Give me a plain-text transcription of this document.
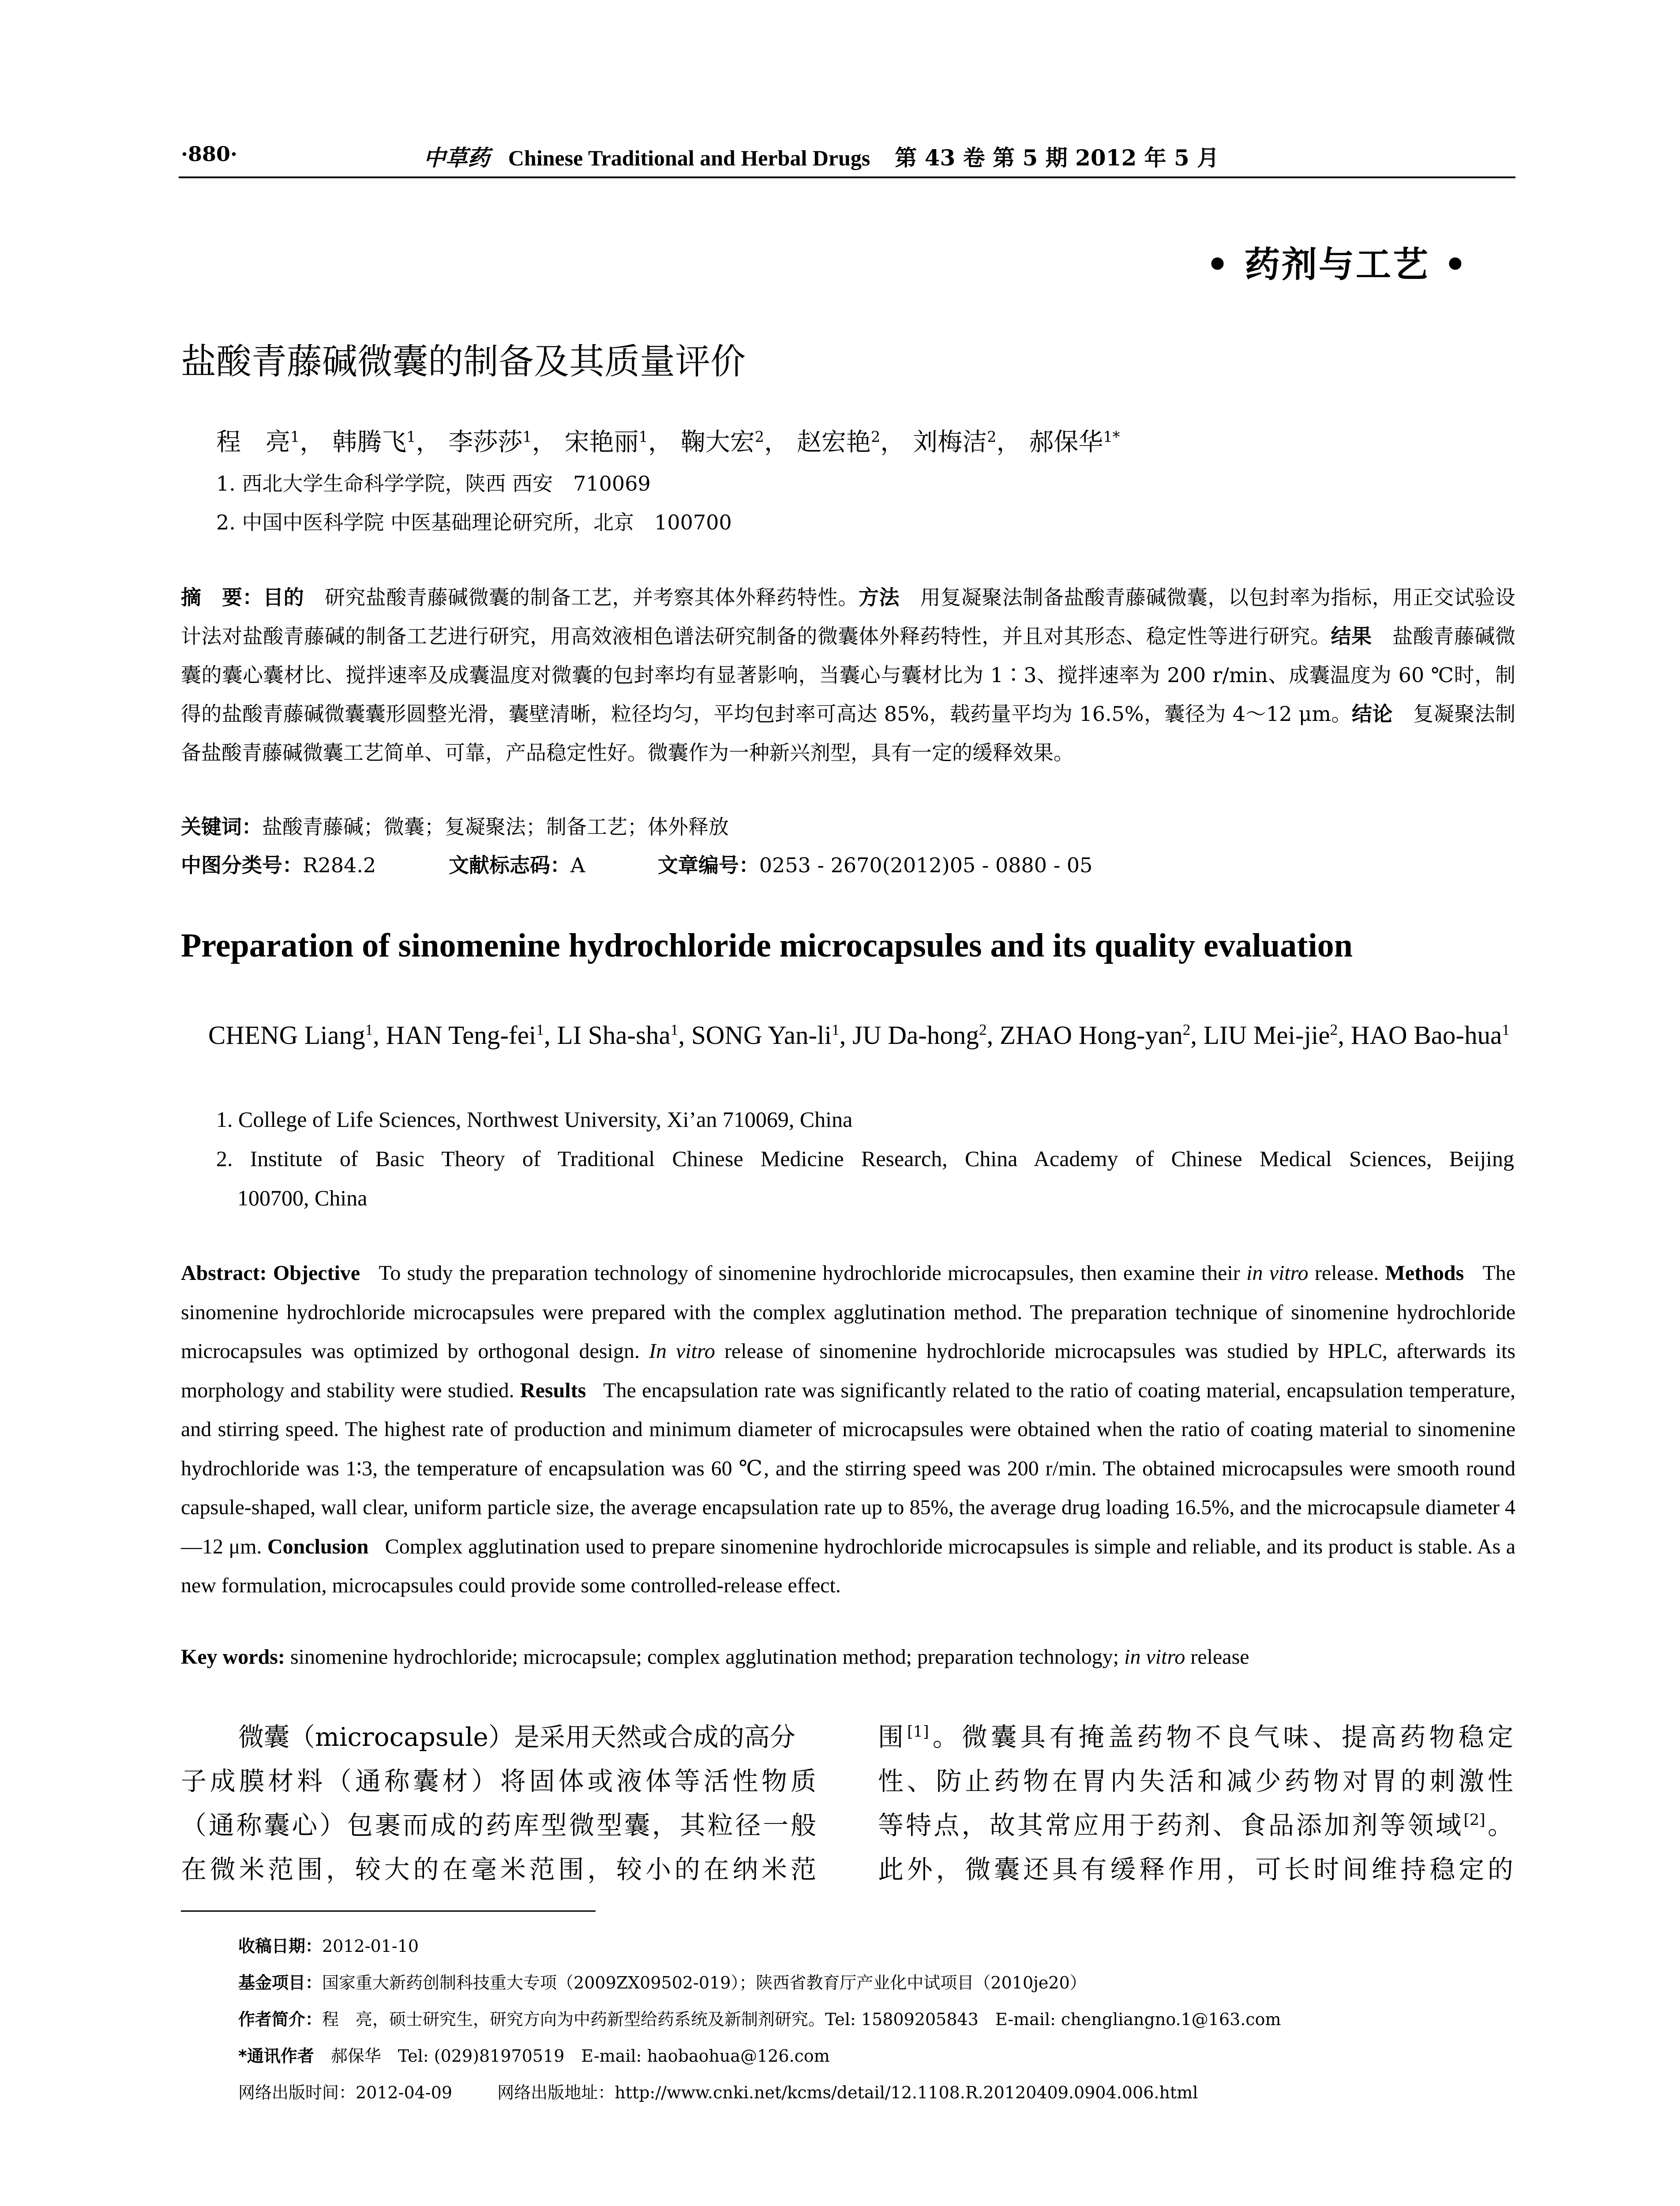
·880·	中草药 Chinese Traditional and Herbal Drugs 第 43 卷 第 5 期 2012 年 5 月
• 药剂与工艺 •
盐酸青藤碱微囊的制备及其质量评价
程　亮$^1$， 韩腾飞$^1$， 李莎莎$^1$， 宋艳丽$^1$， 鞠大宏$^2$， 赵宏艳$^2$， 刘梅洁$^2$， 郝保华$^{1*}$
1. 西北大学生命科学学院，陕西 西安　710069
2. 中国中医科学院 中医基础理论研究所，北京　100700
摘　要：目的　 研究盐酸青藤碱微囊的制备工艺，并考察其体外释药特性。方法　 用复凝聚法制备盐酸青藤碱微囊，以包封率为指标，用正交试验设计法对盐酸青藤碱的制备工艺进行研究，用高效液相色谱法研究制备的微囊体外释药特性，并且对其形态、稳定性等进行研究。结果　 盐酸青藤碱微囊的囊心囊材比、搅拌速率及成囊温度对微囊的包封率均有显著影响，当囊心与囊材比为 1∶3、搅拌速率为 200 r/min、成囊温度为 60 ℃时，制得的盐酸青藤碱微囊囊形圆整光滑，囊壁清晰，粒径均匀，平均包封率可高达 85%，载药量平均为 16.5%，囊径为 4～12 μm。结论　 复凝聚法制备盐酸青藤碱微囊工艺简单、可靠，产品稳定性好。微囊作为一种新兴剂型，具有一定的缓释效果。
关键词：盐酸青藤碱；微囊；复凝聚法；制备工艺；体外释放
中图分类号：R284.2	文献标志码：A	文章编号：0253 - 2670(2012)05 - 0880 - 05
Preparation of sinomenine hydrochloride microcapsules and its quality evaluation
CHENG Liang$^1$, HAN Teng-fei$^1$, LI Sha-sha$^1$, SONG Yan-$li^1$, JU Da-hong$^2$, ZHAO Hong-yan$^2$, LIU Mei-jie$^2$, HAO Bao-hua$^1$
1. College of Life Sciences, Northwest University, Xi’an 710069, China
2. Institute of Basic Theory of Traditional Chinese Medicine Research, China Academy of Chinese Medical Sciences, Beijing
100700, China
Abstract: Objective To study the preparation technology of sinomenine hydrochloride microcapsules, then examine their in vitro release. Methods The sinomenine hydrochloride microcapsules were prepared with the complex agglutination method. The preparation technique of sinomenine hydrochloride microcapsules was optimized by orthogonal design. In vitro release of sinomenine hydrochloride microcapsules was studied by HPLC, afterwards its morphology and stability were studied. Results The encapsulation rate was significantly related to the ratio of coating material, encapsulation temperature, and stirring speed. The highest rate of production and minimum diameter of microcapsules were obtained when the ratio of coating material to sinomenine hydrochloride was 1∶3, the temperature of encapsulation was 60 ℃, and the stirring speed was 200 r/min. The obtained microcapsules were smooth round capsule-shaped, wall clear, uniform particle size, the average encapsulation rate up to 85%, the average drug loading 16.5%, and the microcapsule diameter 4—12 μm. Conclusion Complex agglutination used to prepare sinomenine hydrochloride microcapsules is simple and reliable, and its product is stable. As a new formulation, microcapsules could provide some controlled-release effect.
Key words: sinomenine hydrochloride; microcapsule; complex agglutination method; preparation technology; in vitro release
微囊（microcapsule）是采用天然或合成的高分
子成膜材料（通称囊材）将固体或液体等活性物质
（通称囊心）包裹而成的药库型微型囊，其粒径一般
在微米范围，较大的在毫米范围，较小的在纳米范
围[1]。微囊具有掩盖药物不良气味、提高药物稳定
性、防止药物在胃内失活和减少药物对胃的刺激性
等特点，故其常应用于药剂、食品添加剂等领域[2]。
此外，微囊还具有缓释作用，可长时间维持稳定的
收稿日期：2012-01-10
基金项目：国家重大新药创制科技重大专项（2009ZX09502-019）；陕西省教育厅产业化中试项目（2010je20）
作者简介：程　亮，硕士研究生，研究方向为中药新型给药系统及新制剂研究。Tel: 15809205843　E-mail: chengliangno.1@163.com
*通讯作者　 郝保华　Tel: (029)81970519　E-mail: haobaohua@126.com
网络出版时间：2012-04-09	网络出版地址：http://www.cnki.net/kcms/detail/12.1108.R.20120409.0904.006.html
